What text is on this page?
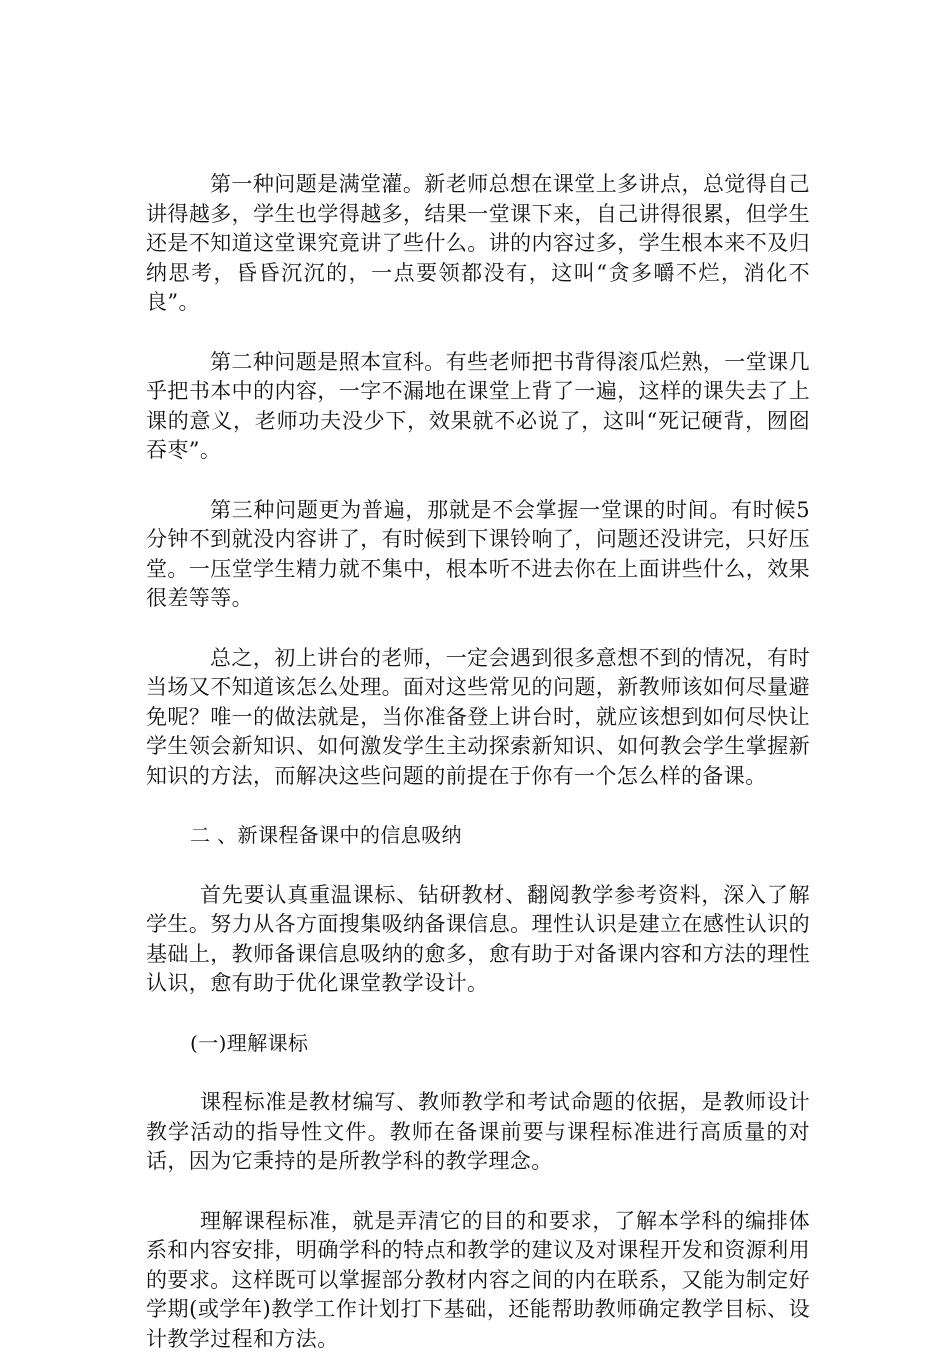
第一种问题是满堂灌。新老师总想在课堂上多讲点，总觉得自己讲得越多，学生也学得越多，结果一堂课下来，自己讲得很累，但学生还是不知道这堂课究竟讲了些什么。讲的内容过多，学生根本来不及归纳思考，昏昏沉沉的，一点要领都没有，这叫“贪多嚼不烂，消化不良”。

第二种问题是照本宣科。有些老师把书背得滚瓜烂熟，一堂课几乎把书本中的内容，一字不漏地在课堂上背了一遍，这样的课失去了上课的意义，老师功夫没少下，效果就不必说了，这叫“死记硬背，囫囵吞枣”。

第三种问题更为普遍，那就是不会掌握一堂课的时间。有时候5分钟不到就没内容讲了，有时候到下课铃响了，问题还没讲完，只好压堂。一压堂学生精力就不集中，根本听不进去你在上面讲些什么，效果很差等等。

总之，初上讲台的老师，一定会遇到很多意想不到的情况，有时当场又不知道该怎么处理。面对这些常见的问题，新教师该如何尽量避免呢？唯一的做法就是，当你准备登上讲台时，就应该想到如何尽快让学生领会新知识、如何激发学生主动探索新知识、如何教会学生掌握新知识的方法，而解决这些问题的前提在于你有一个怎么样的备课。

二 、新课程备课中的信息吸纳

首先要认真重温课标、钻研教材、翻阅教学参考资料，深入了解学生。努力从各方面搜集吸纳备课信息。理性认识是建立在感性认识的基础上，教师备课信息吸纳的愈多，愈有助于对备课内容和方法的理性认识，愈有助于优化课堂教学设计。

(一)理解课标

课程标准是教材编写、教师教学和考试命题的依据，是教师设计教学活动的指导性文件。教师在备课前要与课程标准进行高质量的对话，因为它秉持的是所教学科的教学理念。

理解课程标准，就是弄清它的目的和要求，了解本学科的编排体系和内容安排，明确学科的特点和教学的建议及对课程开发和资源利用的要求。这样既可以掌握部分教材内容之间的内在联系，又能为制定好学期(或学年)教学工作计划打下基础，还能帮助教师确定教学目标、设计教学过程和方法。
